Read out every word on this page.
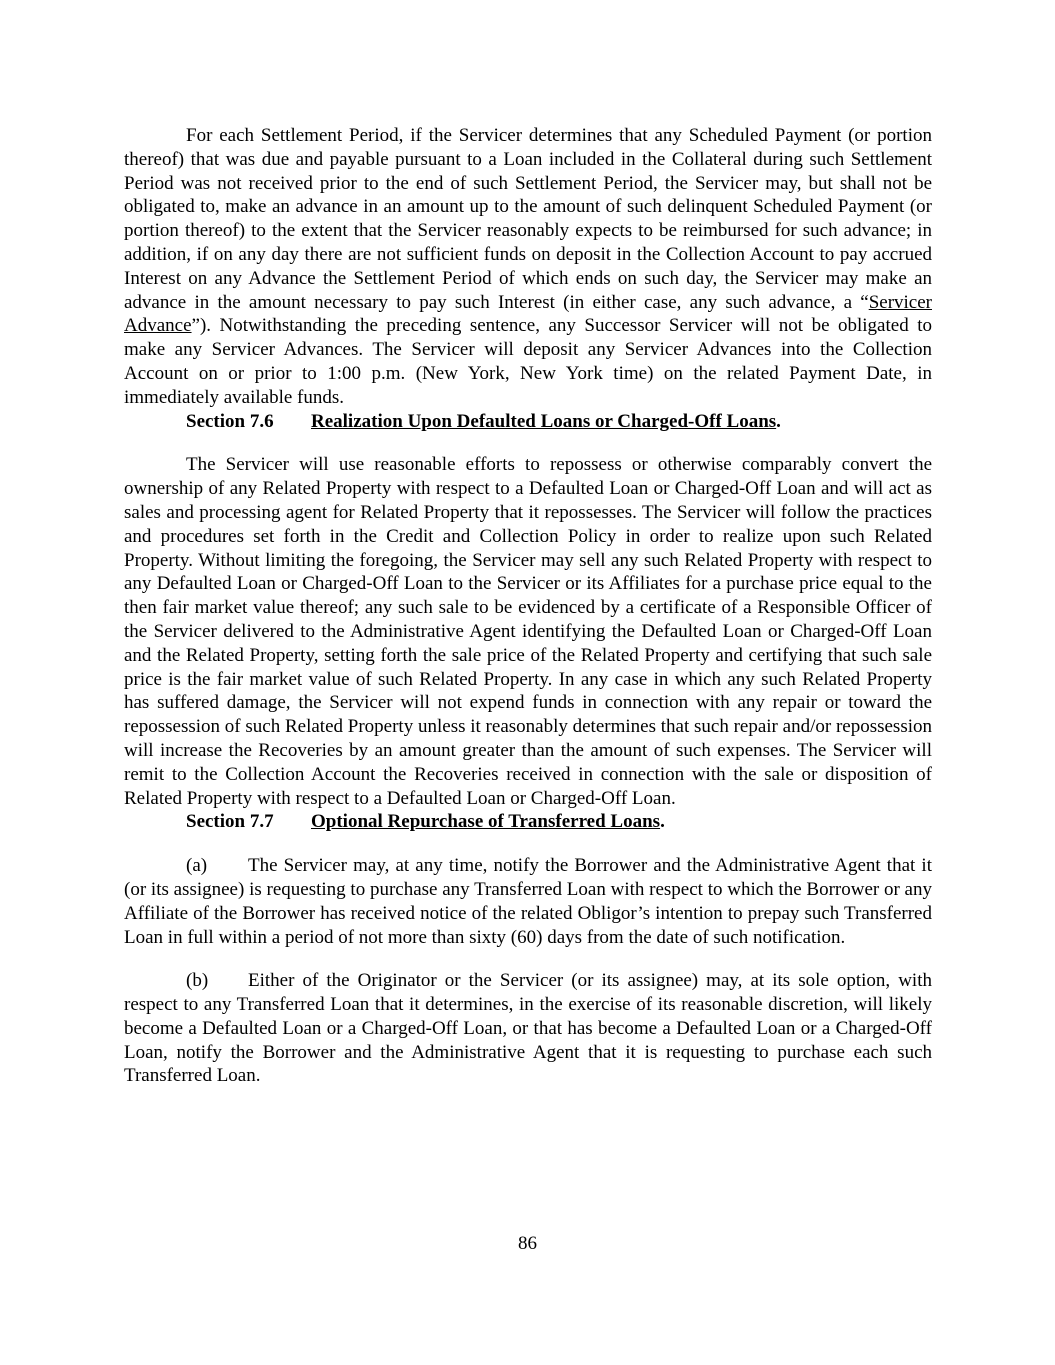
For each Settlement Period, if the Servicer determines that any Scheduled Payment (or portion thereof) that was due and payable pursuant to a Loan included in the Collateral during such Settlement Period was not received prior to the end of such Settlement Period, the Servicer may, but shall not be obligated to, make an advance in an amount up to the amount of such delinquent Scheduled Payment (or portion thereof) to the extent that the Servicer reasonably expects to be reimbursed for such advance; in addition, if on any day there are not sufficient funds on deposit in the Collection Account to pay accrued Interest on any Advance the Settlement Period of which ends on such day, the Servicer may make an advance in the amount necessary to pay such Interest (in either case, any such advance, a “Servicer Advance”). Notwithstanding the preceding sentence, any Successor Servicer will not be obligated to make any Servicer Advances. The Servicer will deposit any Servicer Advances into the Collection Account on or prior to 1:00 p.m. (New York, New York time) on the related Payment Date, in immediately available funds.

Section 7.6 Realization Upon Defaulted Loans or Charged-Off Loans.

The Servicer will use reasonable efforts to repossess or otherwise comparably convert the ownership of any Related Property with respect to a Defaulted Loan or Charged-Off Loan and will act as sales and processing agent for Related Property that it repossesses. The Servicer will follow the practices and procedures set forth in the Credit and Collection Policy in order to realize upon such Related Property. Without limiting the foregoing, the Servicer may sell any such Related Property with respect to any Defaulted Loan or Charged-Off Loan to the Servicer or its Affiliates for a purchase price equal to the then fair market value thereof; any such sale to be evidenced by a certificate of a Responsible Officer of the Servicer delivered to the Administrative Agent identifying the Defaulted Loan or Charged-Off Loan and the Related Property, setting forth the sale price of the Related Property and certifying that such sale price is the fair market value of such Related Property. In any case in which any such Related Property has suffered damage, the Servicer will not expend funds in connection with any repair or toward the repossession of such Related Property unless it reasonably determines that such repair and/or repossession will increase the Recoveries by an amount greater than the amount of such expenses. The Servicer will remit to the Collection Account the Recoveries received in connection with the sale or disposition of Related Property with respect to a Defaulted Loan or Charged-Off Loan.

Section 7.7 Optional Repurchase of Transferred Loans.

(a) The Servicer may, at any time, notify the Borrower and the Administrative Agent that it (or its assignee) is requesting to purchase any Transferred Loan with respect to which the Borrower or any Affiliate of the Borrower has received notice of the related Obligor’s intention to prepay such Transferred Loan in full within a period of not more than sixty (60) days from the date of such notification.

(b) Either of the Originator or the Servicer (or its assignee) may, at its sole option, with respect to any Transferred Loan that it determines, in the exercise of its reasonable discretion, will likely become a Defaulted Loan or a Charged-Off Loan, or that has become a Defaulted Loan or a Charged-Off Loan, notify the Borrower and the Administrative Agent that it is requesting to purchase each such Transferred Loan.

86
